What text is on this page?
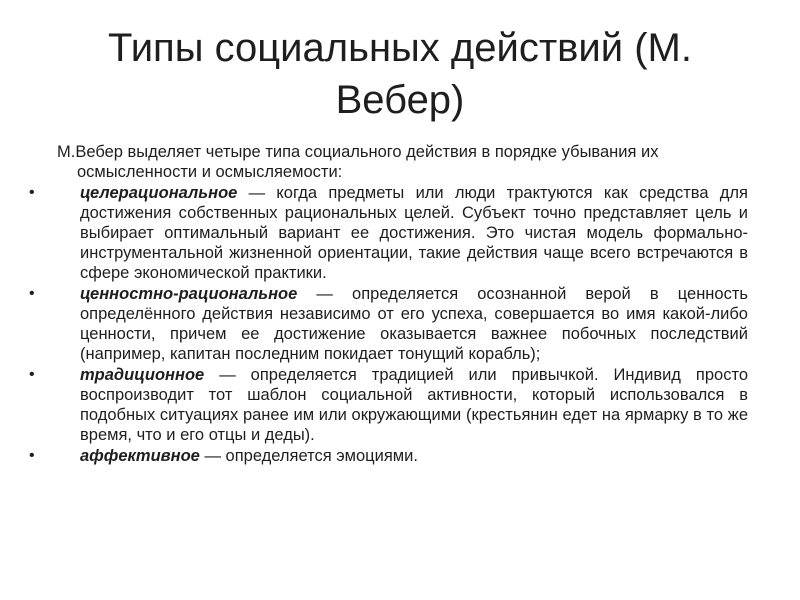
Типы социальных действий (М. Вебер)

М.Вебер выделяет четыре типа социального действия в порядке убывания их осмысленности и осмысляемости:

•	целерациональное — когда предметы или люди трактуются как средства для достижения собственных рациональных целей. Субъект точно представляет цель и выбирает оптимальный вариант ее достижения. Это чистая модель формально-инструментальной жизненной ориентации, такие действия чаще всего встречаются в сфере экономической практики.
•	ценностно-рациональное — определяется осознанной верой в ценность определённого действия независимо от его успеха, совершается во имя какой-либо ценности, причем ее достижение оказывается важнее побочных последствий (например, капитан последним покидает тонущий корабль);
•	традиционное — определяется традицией или привычкой. Индивид просто воспроизводит тот шаблон социальной активности, который использовался в подобных ситуациях ранее им или окружающими (крестьянин едет на ярмарку в то же время, что и его отцы и деды).
•	аффективное — определяется эмоциями.
